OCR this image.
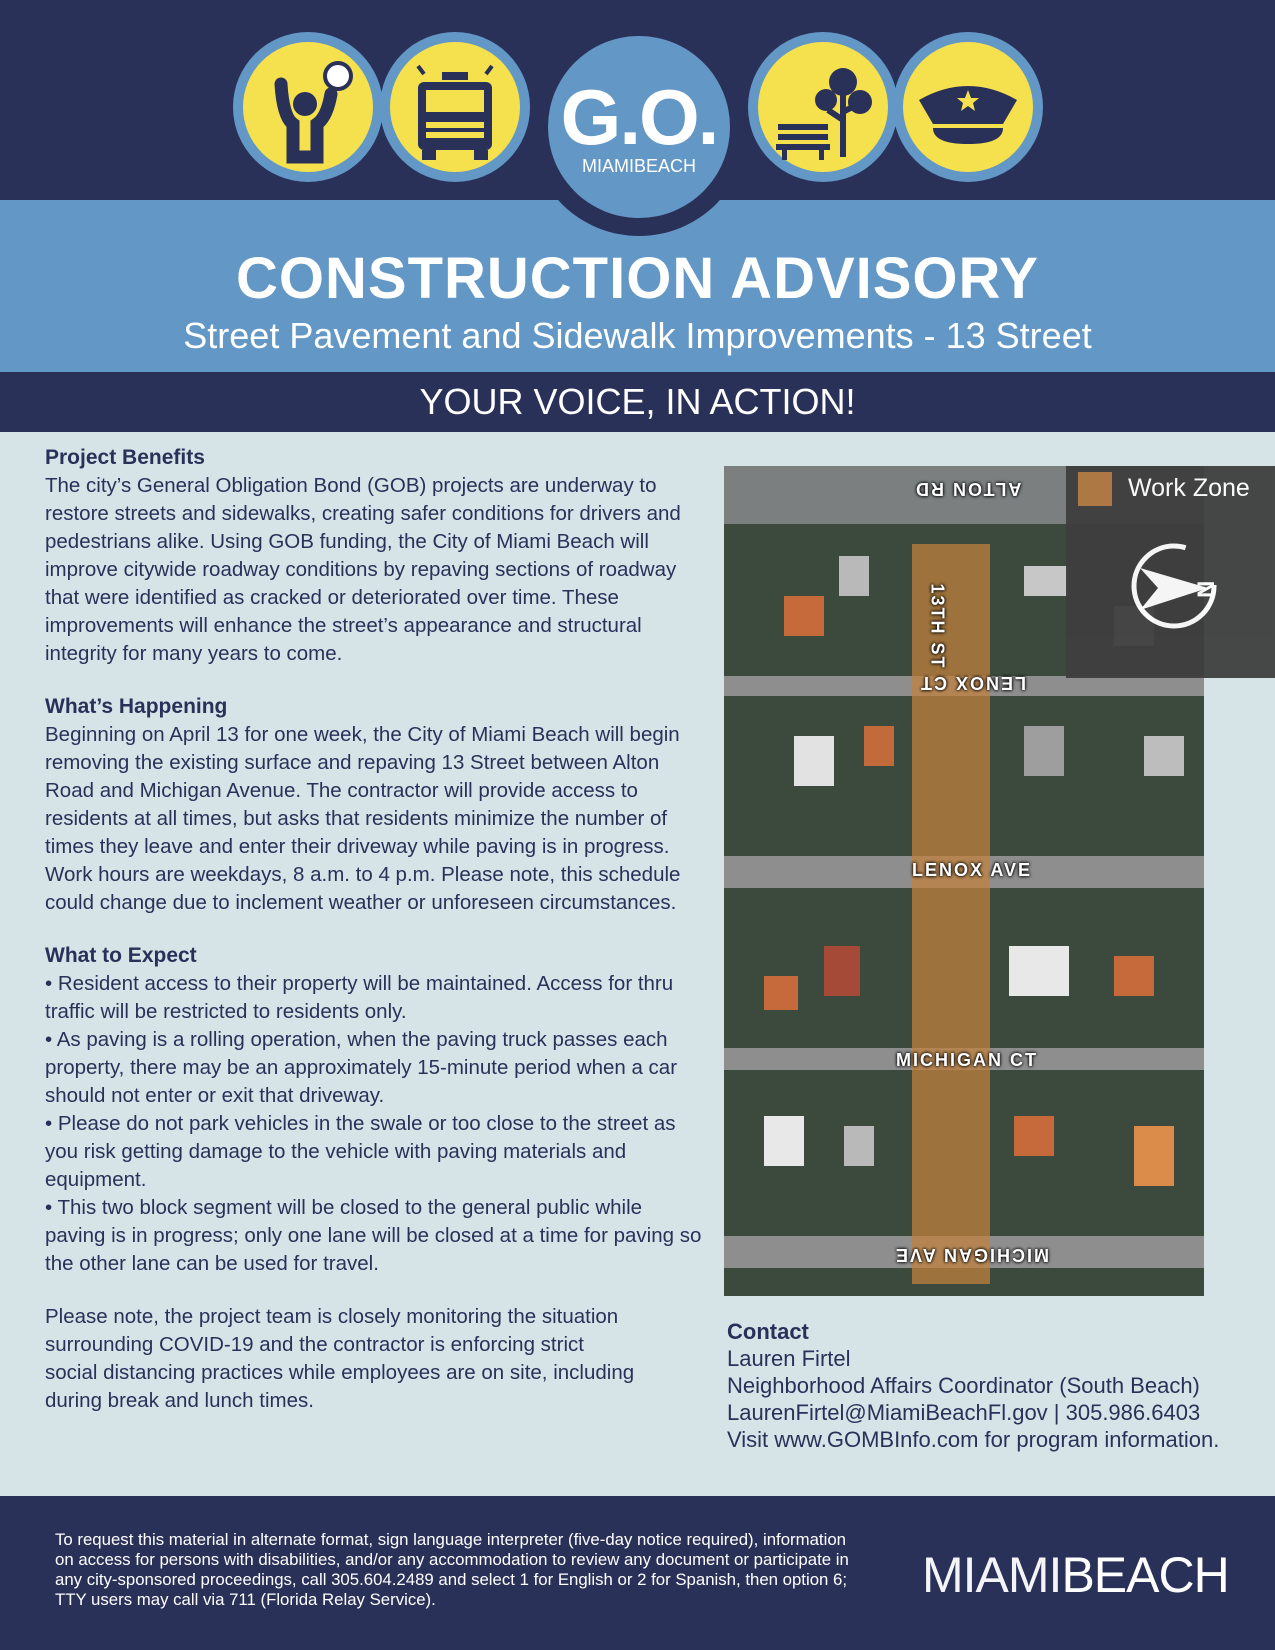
G.O.
MIAMIBEACH
CONSTRUCTION ADVISORY
Street Pavement and Sidewalk Improvements - 13 Street
YOUR VOICE, IN ACTION!
Project Benefits

The city’s General Obligation Bond (GOB) projects are underway to restore streets and sidewalks, creating safer conditions for drivers and pedestrians alike. Using GOB funding, the City of Miami Beach will improve citywide roadway conditions by repaving sections of roadway that were identified as cracked or deteriorated over time. These improvements will enhance the street’s appearance and structural integrity for many years to come.

What’s Happening

Beginning on April 13 for one week, the City of Miami Beach will begin removing the existing surface and repaving 13 Street between Alton Road and Michigan Avenue. The contractor will provide access to residents at all times, but asks that residents minimize the number of times they leave and enter their driveway while paving is in progress. Work hours are weekdays, 8 a.m. to 4 p.m. Please note, this schedule could change due to inclement weather or unforeseen circumstances.

What to Expect
• Resident access to their property will be maintained. Access for thru traffic will be restricted to residents only.
• As paving is a rolling operation, when the paving truck passes each property, there may be an approximately 15-minute period when a car should not enter or exit that driveway.
• Please do not park vehicles in the swale or too close to the street as you risk getting damage to the vehicle with paving materials and equipment.
• This two block segment will be closed to the general public while paving is in progress; only one lane will be closed at a time for paving so the other lane can be used for travel.

Please note, the project team is closely monitoring the situation surrounding COVID-19 and the contractor is enforcing strict social distancing practices while employees are on site, including during break and lunch times.

ALTON RD
13TH ST
LENOX CT
LENOX AVE
MICHIGAN CT
MICHIGAN AVE
Work Zone
N
Contact
Lauren Firtel
Neighborhood Affairs Coordinator (South Beach)
LaurenFirtel@MiamiBeachFl.gov | 305.986.6403
Visit www.GOMBInfo.com for program information.
To request this material in alternate format, sign language interpreter (five-day notice required), information on access for persons with disabilities, and/or any accommodation to review any document or participate in any city-sponsored proceedings, call 305.604.2489 and select 1 for English or 2 for Spanish, then option 6; TTY users may call via 711 (Florida Relay Service).	MIAMIBEACH
